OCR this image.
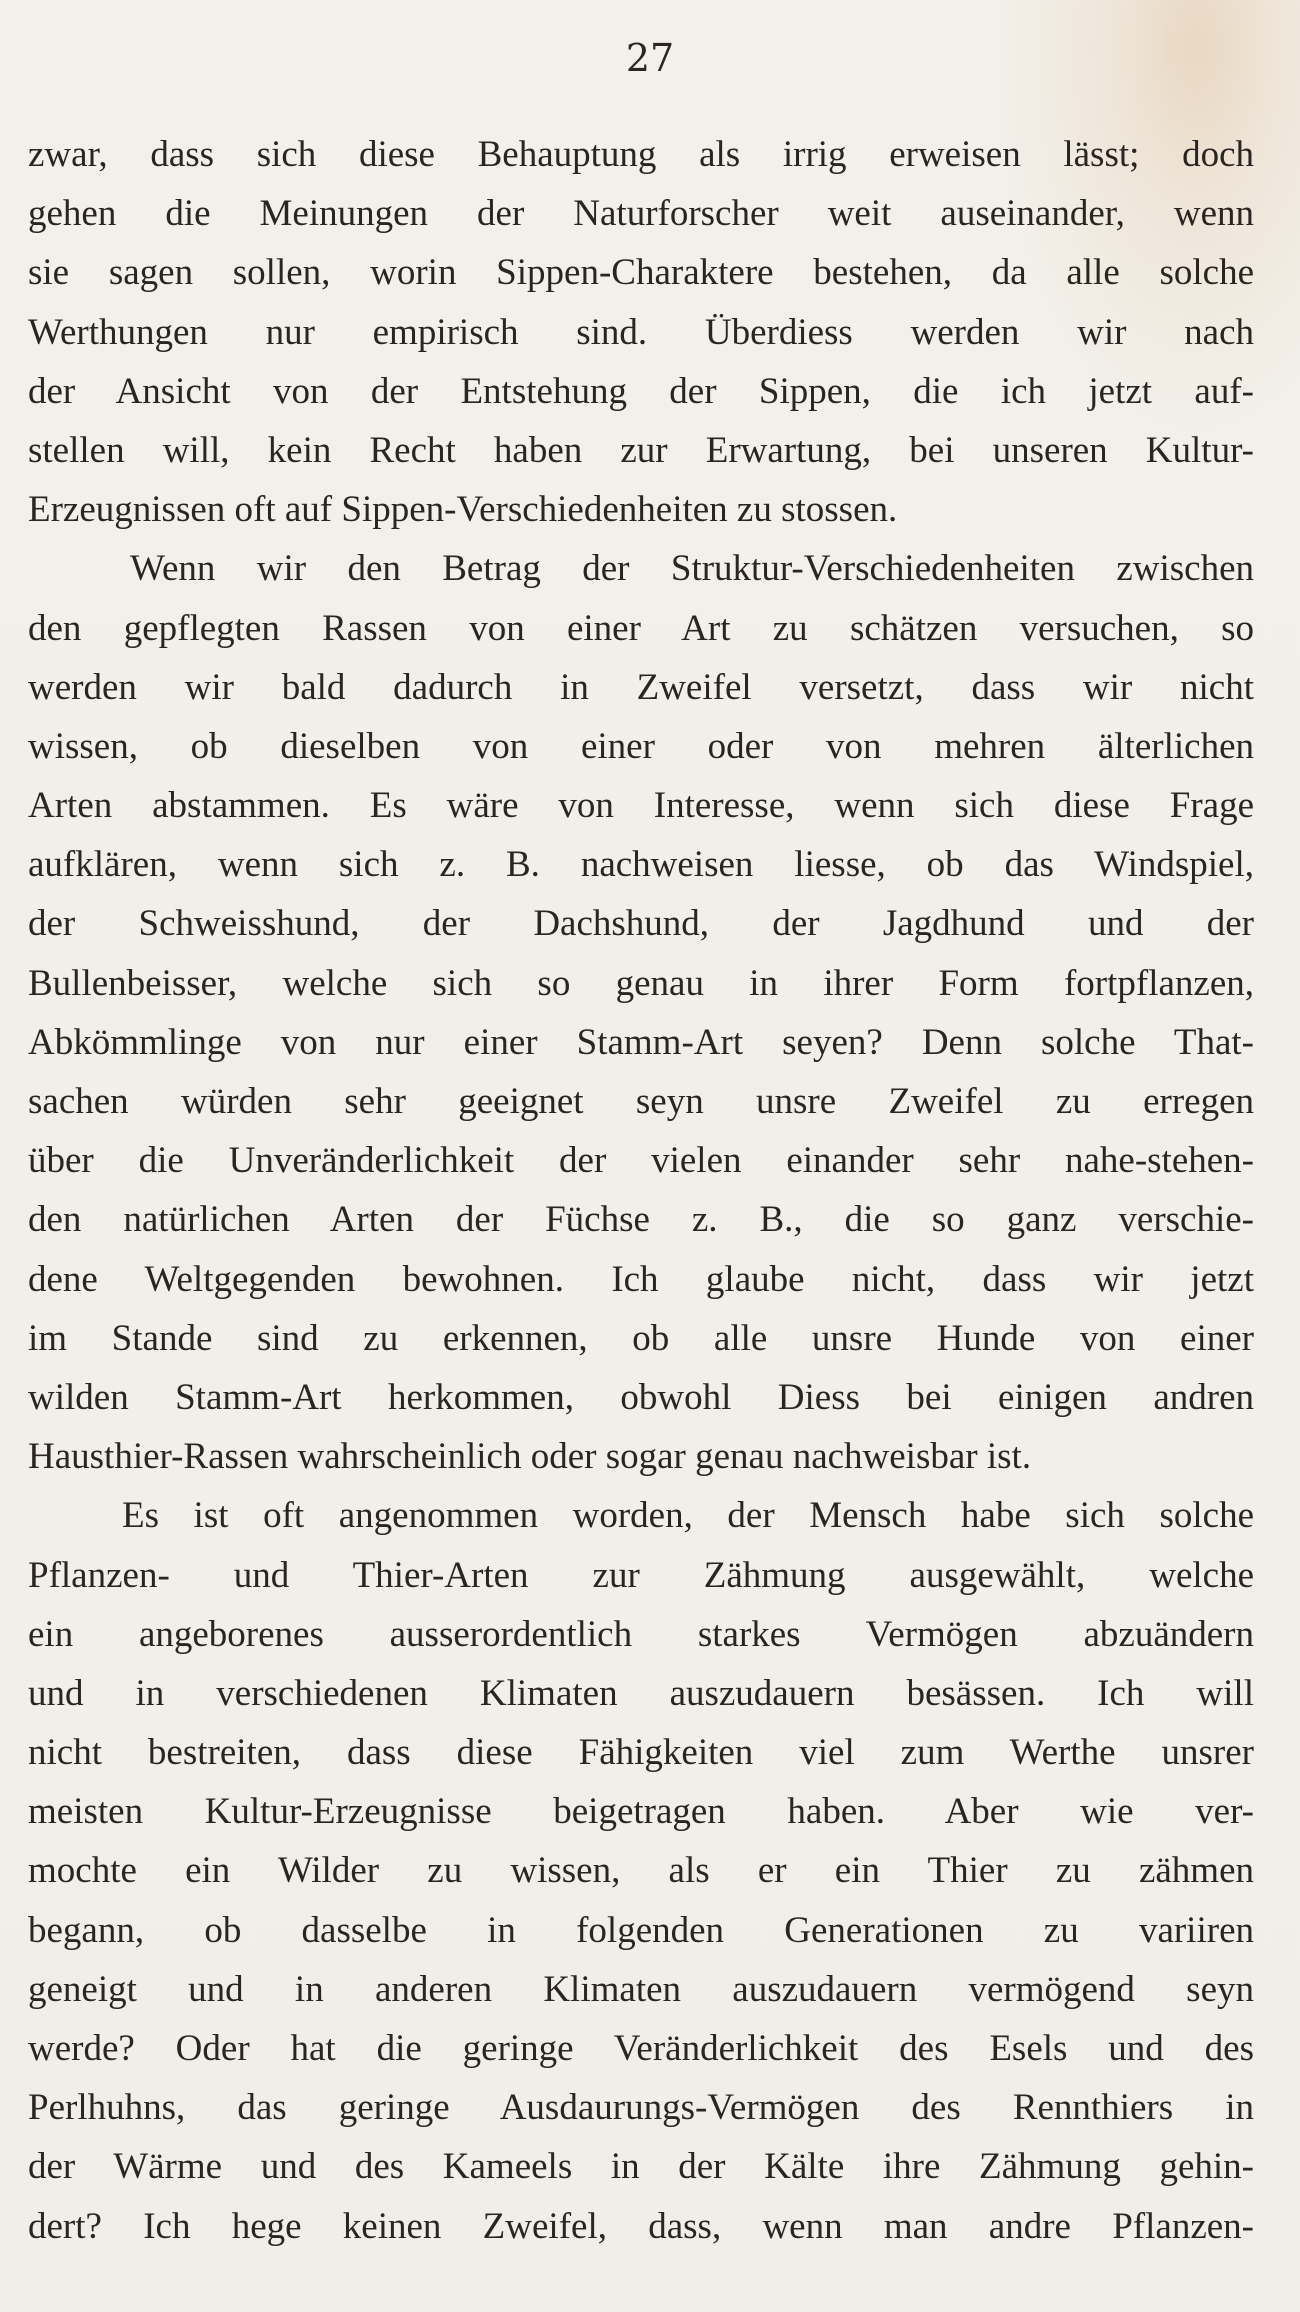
27
zwar, dass sich diese Behauptung als irrig erweisen lässt; doch
gehen die Meinungen der Naturforscher weit auseinander, wenn
sie sagen sollen, worin Sippen-Charaktere bestehen, da alle solche
Werthungen nur empirisch sind. Überdiess werden wir nach
der Ansicht von der Entstehung der Sippen, die ich jetzt auf-
stellen will, kein Recht haben zur Erwartung, bei unseren Kultur-
Erzeugnissen oft auf Sippen-Verschiedenheiten zu stossen.
Wenn wir den Betrag der Struktur-Verschiedenheiten zwischen
den gepflegten Rassen von einer Art zu schätzen versuchen, so
werden wir bald dadurch in Zweifel versetzt, dass wir nicht
wissen, ob dieselben von einer oder von mehren älterlichen
Arten abstammen. Es wäre von Interesse, wenn sich diese Frage
aufklären, wenn sich z. B. nachweisen liesse, ob das Windspiel,
der Schweisshund, der Dachshund, der Jagdhund und der
Bullenbeisser, welche sich so genau in ihrer Form fortpflanzen,
Abkömmlinge von nur einer Stamm-Art seyen? Denn solche That-
sachen würden sehr geeignet seyn unsre Zweifel zu erregen
über die Unveränderlichkeit der vielen einander sehr nahe-stehen-
den natürlichen Arten der Füchse z. B., die so ganz verschie-
dene Weltgegenden bewohnen. Ich glaube nicht, dass wir jetzt
im Stande sind zu erkennen, ob alle unsre Hunde von einer
wilden Stamm-Art herkommen, obwohl Diess bei einigen andren
Hausthier-Rassen wahrscheinlich oder sogar genau nachweisbar ist.
Es ist oft angenommen worden, der Mensch habe sich solche
Pflanzen- und Thier-Arten zur Zähmung ausgewählt, welche
ein angeborenes ausserordentlich starkes Vermögen abzuändern
und in verschiedenen Klimaten auszudauern besässen. Ich will
nicht bestreiten, dass diese Fähigkeiten viel zum Werthe unsrer
meisten Kultur-Erzeugnisse beigetragen haben. Aber wie ver-
mochte ein Wilder zu wissen, als er ein Thier zu zähmen
begann, ob dasselbe in folgenden Generationen zu variiren
geneigt und in anderen Klimaten auszudauern vermögend seyn
werde? Oder hat die geringe Veränderlichkeit des Esels und des
Perlhuhns, das geringe Ausdaurungs-Vermögen des Rennthiers in
der Wärme und des Kameels in der Kälte ihre Zähmung gehin-
dert? Ich hege keinen Zweifel, dass, wenn man andre Pflanzen-
